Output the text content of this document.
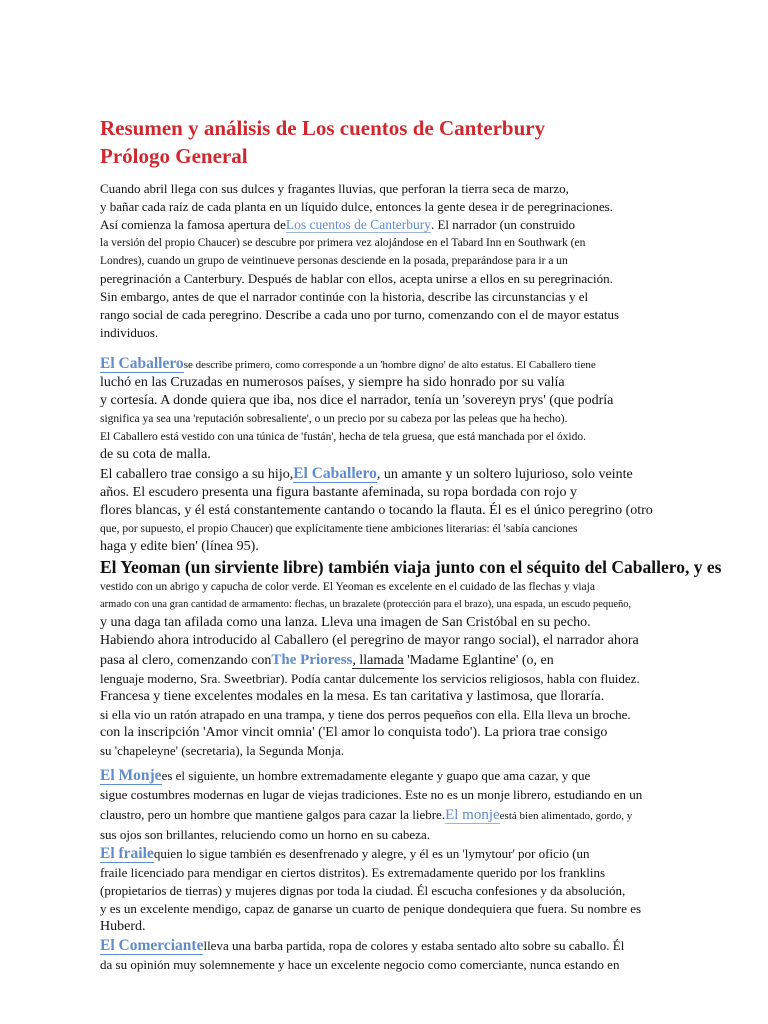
Resumen y análisis de Los cuentos de Canterbury
Prólogo General
Cuando abril llega con sus dulces y fragantes lluvias, que perforan la tierra seca de marzo,
y bañar cada raíz de cada planta en un líquido dulce, entonces la gente desea ir de peregrinaciones.
Así comienza la famosa apertura deLos cuentos de Canterbury. El narrador (un construido
la versión del propio Chaucer) se descubre por primera vez alojándose en el Tabard Inn en Southwark (en
Londres), cuando un grupo de veintinueve personas desciende en la posada, preparándose para ir a un
peregrinación a Canterbury. Después de hablar con ellos, acepta unirse a ellos en su peregrinación.
Sin embargo, antes de que el narrador continúe con la historia, describe las circunstancias y el
rango social de cada peregrino. Describe a cada uno por turno, comenzando con el de mayor estatus
individuos.
El Caballerose describe primero, como corresponde a un 'hombre digno' de alto estatus. El Caballero tiene
luchó en las Cruzadas en numerosos países, y siempre ha sido honrado por su valía
y cortesía. A donde quiera que iba, nos dice el narrador, tenía un 'sovereyn prys' (que podría
significa ya sea una 'reputación sobresaliente', o un precio por su cabeza por las peleas que ha hecho).
El Caballero está vestido con una túnica de 'fustán', hecha de tela gruesa, que está manchada por el óxido.
de su cota de malla.
El caballero trae consigo a su hijo,El Caballero, un amante y un soltero lujurioso, solo veinte
años. El escudero presenta una figura bastante afeminada, su ropa bordada con rojo y
flores blancas, y él está constantemente cantando o tocando la flauta. Él es el único peregrino (otro
que, por supuesto, el propio Chaucer) que explícitamente tiene ambiciones literarias: él 'sabía canciones
haga y edite bien' (línea 95).
El Yeoman (un sirviente libre) también viaja junto con el séquito del Caballero, y es
vestido con un abrigo y capucha de color verde. El Yeoman es excelente en el cuidado de las flechas y viaja
armado con una gran cantidad de armamento: flechas, un brazalete (protección para el brazo), una espada, un escudo pequeño,
y una daga tan afilada como una lanza. Lleva una imagen de San Cristóbal en su pecho.
Habiendo ahora introducido al Caballero (el peregrino de mayor rango social), el narrador ahora
pasa al clero, comenzando conThe Prioress, llamada 'Madame Eglantine' (o, en
lenguaje moderno, Sra. Sweetbriar). Podía cantar dulcemente los servicios religiosos, habla con fluidez.
Francesa y tiene excelentes modales en la mesa. Es tan caritativa y lastimosa, que lloraría.
si ella vio un ratón atrapado en una trampa, y tiene dos perros pequeños con ella. Ella lleva un broche.
con la inscripción 'Amor vincit omnia' ('El amor lo conquista todo'). La priora trae consigo
su 'chapeleyne' (secretaria), la Segunda Monja.
El Monjees el siguiente, un hombre extremadamente elegante y guapo que ama cazar, y que
sigue costumbres modernas en lugar de viejas tradiciones. Este no es un monje librero, estudiando en un
claustro, pero un hombre que mantiene galgos para cazar la liebre.El monjeestá bien alimentado, gordo, y
sus ojos son brillantes, reluciendo como un horno en su cabeza.
El frailequien lo sigue también es desenfrenado y alegre, y él es un 'lymytour' por oficio (un
fraile licenciado para mendigar en ciertos distritos). Es extremadamente querido por los franklins
(propietarios de tierras) y mujeres dignas por toda la ciudad. Él escucha confesiones y da absolución,
y es un excelente mendigo, capaz de ganarse un cuarto de penique dondequiera que fuera. Su nombre es
Huberd.
El Comerciantelleva una barba partida, ropa de colores y estaba sentado alto sobre su caballo. Él
da su opinión muy solemnemente y hace un excelente negocio como comerciante, nunca estando en
